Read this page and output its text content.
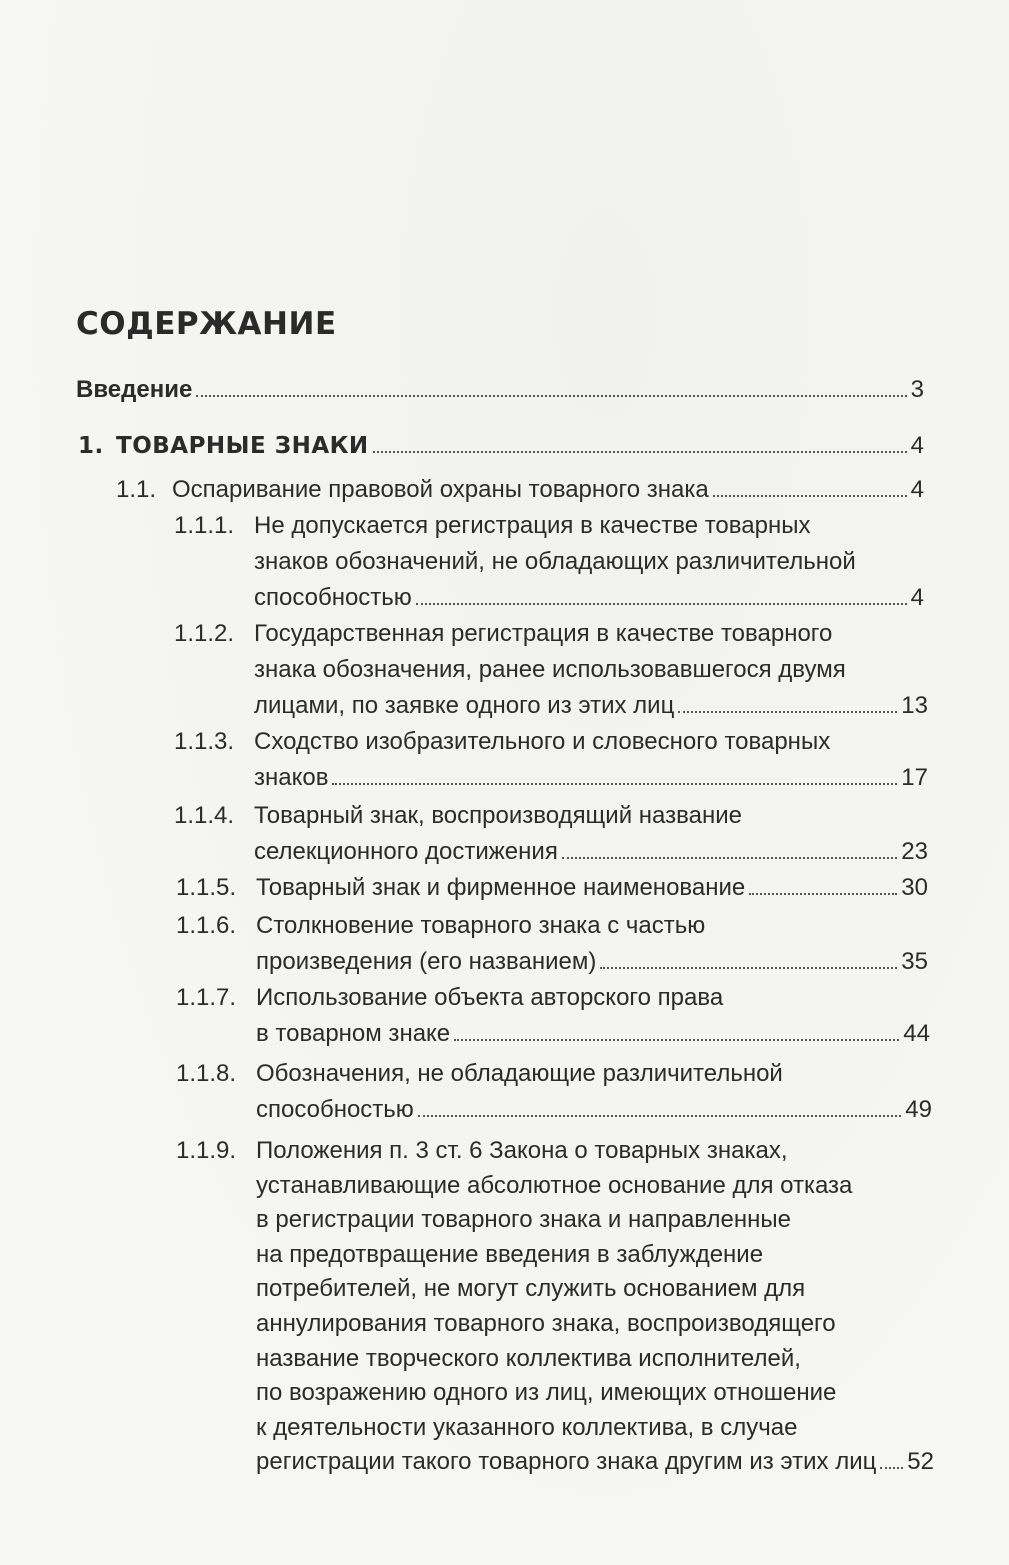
СОДЕРЖАНИЕ
Введение	3
1. ТОВАРНЫЕ ЗНАКИ	4
1.1. Оспаривание правовой охраны товарного знака	4
1.1.1. Не допускается регистрация в качестве товарных
знаков обозначений, не обладающих различительной
способностью	4
1.1.2. Государственная регистрация в качестве товарного
знака обозначения, ранее использовавшегося двумя
лицами, по заявке одного из этих лиц	13
1.1.3. Сходство изобразительного и словесного товарных
знаков	17
1.1.4. Товарный знак, воспроизводящий название
селекционного достижения	23
1.1.5. Товарный знак и фирменное наименование	30
1.1.6. Столкновение товарного знака с частью
произведения (его названием)	35
1.1.7. Использование объекта авторского права
в товарном знаке	44
1.1.8. Обозначения, не обладающие различительной
способностью	49
1.1.9. Положения п. 3 ст. 6 Закона о товарных знаках,
устанавливающие абсолютное основание для отказа
в регистрации товарного знака и направленные
на предотвращение введения в заблуждение
потребителей, не могут служить основанием для
аннулирования товарного знака, воспроизводящего
название творческого коллектива исполнителей,
по возражению одного из лиц, имеющих отношение
к деятельности указанного коллектива, в случае
регистрации такого товарного знака другим из этих лиц 52
